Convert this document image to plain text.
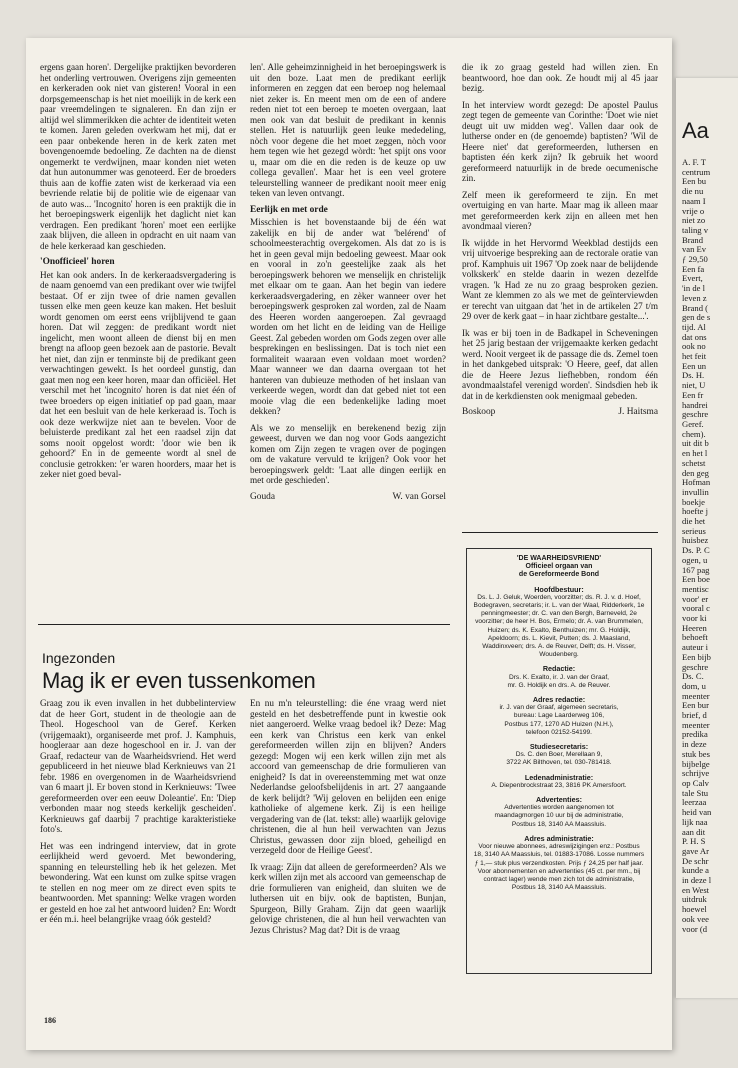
ergens gaan horen'. Dergelijke praktijken bevorderen het onderling vertrouwen. Overigens zijn gemeenten en kerkeraden ook niet van gisteren! Vooral in een dorpsgemeenschap is het niet moeilijk in de kerk een paar vreemdelingen te signaleren. En dan zijn er altijd wel slimmerikken die achter de identiteit weten te komen. Jaren geleden overkwam het mij, dat er een paar onbekende heren in de kerk zaten met bovengenoemde bedoeling. Ze dachten na de dienst ongemerkt te verdwijnen, maar konden niet weten dat hun autonummer was genoteerd. Eer de broeders thuis aan de koffie zaten wist de kerkeraad via een bevriende relatie bij de politie wie de eigenaar van de auto was... 'Incognito' horen is een praktijk die in het beroepingswerk eigenlijk het daglicht niet kan verdragen. Een predikant 'horen' moet een eerlijke zaak blijven, die alleen in opdracht en uit naam van de hele kerkeraad kan geschieden.

'Onofficieel' horen

Het kan ook anders. In de kerkeraadsvergadering is de naam genoemd van een predikant over wie twijfel bestaat. Of er zijn twee of drie namen gevallen tussen elke men geen keuze kan maken. Het besluit wordt genomen om eerst eens vrijblijvend te gaan horen. Dat wil zeggen: de predikant wordt niet ingelicht, men woont alleen de dienst bij en men brengt na afloop geen bezoek aan de pastorie. Bevalt het niet, dan zijn er tenminste bij de predikant geen verwachtingen gewekt. Is het oordeel gunstig, dan gaat men nog een keer horen, maar dan officiëel. Het verschil met het 'incognito' horen is dat niet één of twee broeders op eigen initiatief op pad gaan, maar dat het een besluit van de hele kerkeraad is. Toch is ook deze werkwijze niet aan te bevelen. Voor de beluisterde predikant zal het een raadsel zijn dat soms nooit opgelost wordt: 'door wie ben ik gehoord?' En in de gemeente wordt al snel de conclusie getrokken: 'er waren hoorders, maar het is zeker niet goed beval-

len'. Alle geheimzinnigheid in het beroepingswerk is uit den boze. Laat men de predikant eerlijk informeren en zeggen dat een beroep nog helemaal niet zeker is. En meent men om de een of andere reden niet tot een beroep te moeten overgaan, laat men ook van dat besluit de predikant in kennis stellen. Het is natuurlijk geen leuke mededeling, nòch voor degene die het moet zeggen, nòch voor hem tegen wie het gezegd wòrdt: 'het spijt ons voor u, maar om die en die reden is de keuze op uw collega gevallen'. Maar het is een veel grotere teleurstelling wanneer de predikant nooit meer enig teken van leven ontvangt.

Eerlijk en met orde

Misschien is het bovenstaande bij de één wat zakelijk en bij de ander wat 'belérend' of schoolmeesterachtig overgekomen. Als dat zo is is het in geen geval mijn bedoeling geweest. Maar ook en vooral in zo'n geestelijke zaak als het beroepingswerk behoren we menselijk en christelijk met elkaar om te gaan. Aan het begin van iedere kerkeraadsvergadering, en zèker wanneer over het beroepingswerk gesproken zal worden, zal de Naam des Heeren worden aangeroepen. Zal gevraagd worden om het licht en de leiding van de Heilige Geest. Zal gebeden worden om Gods zegen over alle besprekingen en beslissingen. Dat is toch niet een formaliteit waaraan even voldaan moet worden? Maar wanneer we dan daarna overgaan tot het hanteren van dubieuze methoden of het inslaan van verkeerde wegen, wordt dan dat gebed niet tot een mooie vlag die een bedenkelijke lading moet dekken?

Als we zo menselijk en berekenend bezig zijn geweest, durven we dan nog voor Gods aangezicht komen om Zijn zegen te vragen over de pogingen om de vakature vervuld te krijgen? Ook voor het beroepingswerk geldt: 'Laat alle dingen eerlijk en met orde geschieden'.

Gouda	W. van Gorsel

die ik zo graag gesteld had willen zien. En beantwoord, hoe dan ook. Ze houdt mij al 45 jaar bezig.

In het interview wordt gezegd: De apostel Paulus zegt tegen de gemeente van Corinthe: 'Doet wie niet deugt uit uw midden weg'. Vallen daar ook de lutherse onder en (de genoemde) baptisten? 'Wil de Heere niet' dat gereformeerden, luthersen en baptisten één kerk zijn? Ik gebruik het woord gereformeerd natuurlijk in de brede oecumenische zin.

Zelf meen ik gereformeerd te zijn. En met overtuiging en van harte. Maar mag ik alleen maar met gereformeerden kerk zijn en alleen met hen avondmaal vieren?

Ik wijdde in het Hervormd Weekblad destijds een vrij uitvoerige bespreking aan de rectorale oratie van prof. Kamphuis uit 1967 'Op zoek naar de belijdende volkskerk' en stelde daarin in wezen dezelfde vragen. 'k Had ze nu zo graag besproken gezien. Want ze klemmen zo als we met de geïnterviewden er terecht van uitgaan dat 'het in de artikelen 27 t/m 29 over de kerk gaat – in haar zichtbare gestalte...'.

Ik was er bij toen in de Badkapel in Scheveningen het 25 jarig bestaan der vrijgemaakte kerken gedacht werd. Nooit vergeet ik de passage die ds. Zemel toen in het dankgebed uitsprak: 'O Heere, geef, dat allen die de Heere Jezus liefhebben, rondom één avondmaalstafel verenigd worden'. Sindsdien heb ik dat in de kerkdiensten ook menigmaal gebeden.

Boskoop	J. Haitsma
Ingezonden
Mag ik er even tussenkomen

Graag zou ik even invallen in het dubbelinterview dat de heer Gort, student in de theologie aan de Theol. Hogeschool van de Geref. Kerken (vrijgemaakt), organiseerde met prof. J. Kamphuis, hoogleraar aan deze hogeschool en ir. J. van der Graaf, redacteur van de Waarheidsvriend. Het werd gepubliceerd in het nieuwe blad Kerknieuws van 21 febr. 1986 en overgenomen in de Waarheidsvriend van 6 maart jl. Er boven stond in Kerknieuws: 'Twee gereformeerden over een eeuw Doleantie'. En: 'Diep verbonden maar nog steeds kerkelijk gescheiden'. Kerknieuws gaf daarbij 7 prachtige karakteristieke foto's.

Het was een indringend interview, dat in grote eerlijkheid werd gevoerd. Met bewondering, spanning en teleurstelling heb ik het gelezen. Met bewondering. Wat een kunst om zulke spitse vragen te stellen en nog meer om ze direct even spits te beantwoorden. Met spanning: Welke vragen worden er gesteld en hoe zal het antwoord luiden? En: Wordt er één m.i. heel belangrijke vraag óók gesteld?

En nu m'n teleurstelling: die éne vraag werd niet gesteld en het desbetreffende punt in kwestie ook niet aangeroerd. Welke vraag bedoel ik? Deze: Mag een kerk van Christus een kerk van enkel gereformeerden willen zijn en blijven? Anders gezegd: Mogen wij een kerk willen zijn met als accoord van gemeenschap de drie formulieren van enigheid? Is dat in overeenstemming met wat onze Nederlandse geloofsbelijdenis in art. 27 aangaande de kerk belijdt? 'Wij geloven en belijden een enige katholieke of algemene kerk. Zij is een heilige vergadering van de (lat. tekst: alle) waarlijk gelovige christenen, die al hun heil verwachten van Jezus Christus, gewassen door zijn bloed, geheiligd en verzegeld door de Heilige Geest'.

Ik vraag: Zijn dat alleen de gereformeerden? Als we kerk willen zijn met als accoord van gemeenschap de drie formulieren van enigheid, dan sluiten we de luthersen uit en bijv. ook de baptisten, Bunjan, Spurgeon, Billy Graham. Zijn dat geen waarlijk gelovige christenen, die al hun heil verwachten van Jezus Christus? Mag dat? Dit is de vraag

'DE WAARHEIDSVRIEND'
Officieel orgaan van
de Gereformeerde Bond
Hoofdbestuur:
Ds. L. J. Geluk, Woerden, voorzitter; ds. R. J. v. d. Hoef, Bodegraven, secretaris; ir. L. van der Waal, Ridderkerk, 1e penningmeester; dr. C. van den Bergh, Barneveld, 2e voorzitter; de heer H. Bos, Ermelo; dr. A. van Brummelen, Huizen; ds. K. Exalto, Benthuizen; mr. G. Holdijk, Apeldoorn; ds. L. Kievit, Putten; ds. J. Maasland, Waddinxveen; drs. A. de Reuver, Delft; ds. H. Visser, Woudenberg.
Redactie:
Drs. K. Exalto, ir. J. van der Graaf,
mr. G. Holdijk en drs. A. de Reuver.
Adres redactie:
ir. J. van der Graaf, algemeen secretaris,
bureau: Lage Laarderweg 106,
Postbus 177, 1270 AD Huizen (N.H.),
telefoon 02152-54199.
Studiesecretaris:
Ds. C. den Boer, Merellaan 9,
3722 AK Bilthoven, tel. 030-781418.
Ledenadministratie:
A. Diepenbrockstraat 23, 3816 PK Amersfoort.
Advertenties:
Advertenties worden aangenomen tot
maandagmorgen 10 uur bij de administratie,
Postbus 18, 3140 AA Maassluis.
Adres administratie:
Voor nieuwe abonnees, adreswijzigingen enz.: Postbus 18, 3140 AA Maassluis, tel. 01883-17086. Losse nummers ƒ 1,— stuk plus verzendkosten. Prijs ƒ 24,25 per half jaar. Voor abonnementen en advertenties (45 ct. per mm., bij contract lager) wende men zich tot de administratie, Postbus 18, 3140 AA Maassluis.
186
Aa
A. F. T
centrum
Een bu
die nu
naam I
vrije o
niet zo
taling v
Brand
van Ev
ƒ 29,50
Een fa
Evert,
'in de l
leven z
Brand (
gen de s
tijd. Al
dat ons
ook no
het feit
Een un
Ds. H.
niet, U
Een fr
handrei
geschre
Geref.
chem).
uit dit b
en het l
schetst
den geg
Hofman
invullin
boekje
hoefte j
die het
serieus
huisbez
Ds. P. C
ogen, u
167 pag
Een boe
mentisc
voor' er
vooral c
voor ki
Heeren
behoeft
auteur i
Een bijb
geschre
Ds. C.
dom, u
meenter
Een bur
brief, d
meenter
predika
in deze
stuk bes
bijbelge
schrijve
op Calv
tale Stu
leerzaa
heid van
lijk naa
aan dit
P. H. S
gave Ar
De schr
kunde a
in deze l
en West
uitdruk
hoewel
ook vee
voor (d
